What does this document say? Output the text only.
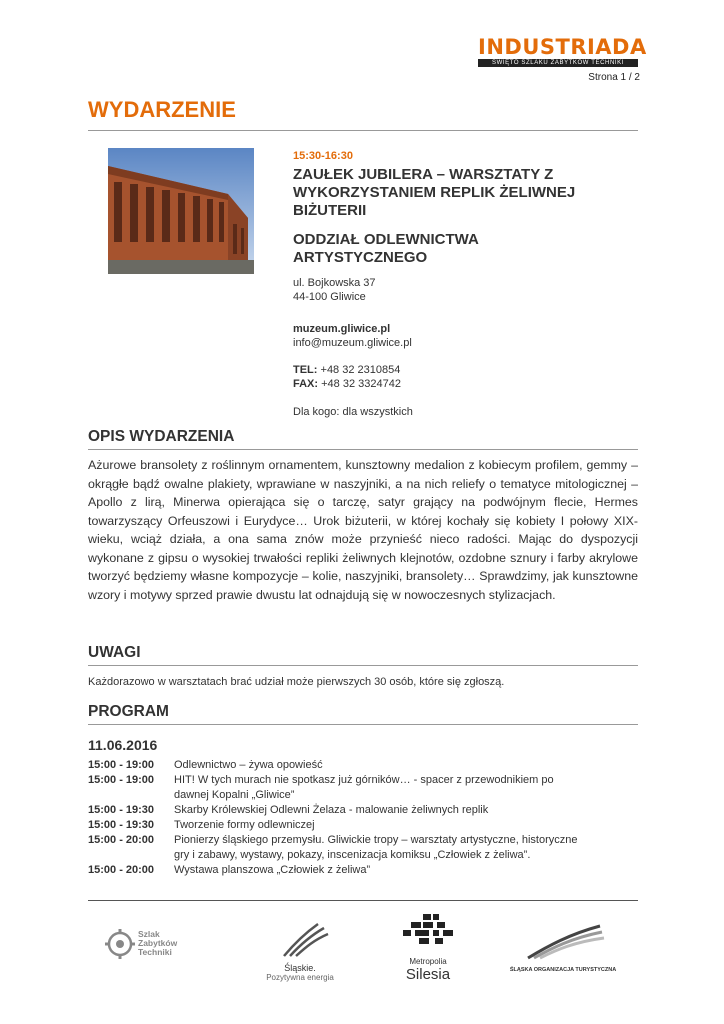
INDUSTRIADA
ŚWIĘTO SZLAKU ZABYTKÓW TECHNIKI
Strona 1 / 2
WYDARZENIE
15:30-16:30
ZAUŁEK JUBILERA – WARSZTATY Z WYKORZYSTANIEM REPLIK ŻELIWNEJ BIŻUTERII
ODDZIAŁ ODLEWNICTWA ARTYSTYCZNEGO
ul. Bojkowska 37
44-100 Gliwice
muzeum.gliwice.pl
info@muzeum.gliwice.pl
TEL: +48 32 2310854
FAX: +48 32 3324742
Dla kogo: dla wszystkich
OPIS WYDARZENIA
Ażurowe bransolety z roślinnym ornamentem, kunsztowny medalion z kobiecym profilem, gemmy – okrągłe bądź owalne plakiety, wprawiane w naszyjniki, a na nich reliefy o tematyce mitologicznej – Apollo z lirą, Minerwa opierająca się o tarczę, satyr grający na podwójnym flecie, Hermes towarzyszący Orfeuszowi i Eurydyce… Urok biżuterii, w której kochały się kobiety I połowy XIX-wieku, wciąż działa, a ona sama znów może przynieść nieco radości. Mając do dyspozycji wykonane z gipsu o wysokiej trwałości repliki żeliwnych klejnotów, ozdobne sznury i farby akrylowe tworzyć będziemy własne kompozycje – kolie, naszyjniki, bransolety… Sprawdzimy, jak kunsztowne wzory i motywy sprzed prawie dwustu lat odnajdują się w nowoczesnych stylizacjach.
UWAGI
Każdorazowo w warsztatach brać udział może pierwszych 30 osób, które się zgłoszą.
PROGRAM
11.06.2016
15:00 - 19:00	Odlewnictwo – żywa opowieść
15:00 - 19:00	HIT! W tych murach nie spotkasz już górników… - spacer z przewodnikiem po
dawnej Kopalni „Gliwice”
15:00 - 19:30	Skarby Królewskiej Odlewni Żelaza - malowanie żeliwnych replik
15:00 - 19:30	Tworzenie formy odlewniczej
15:00 - 20:00	Pionierzy śląskiego przemysłu. Gliwickie tropy – warsztaty artystyczne, historyczne
gry i zabawy, wystawy, pokazy, inscenizacja komiksu „Człowiek z żeliwa”.
15:00 - 20:00	Wystawa planszowa „Człowiek z żeliwa”
Szlak
Zabytków
Techniki
Śląskie.
Pozytywna energia
Metropolia
Silesia	ŚLĄSKA ORGANIZACJA TURYSTYCZNA
